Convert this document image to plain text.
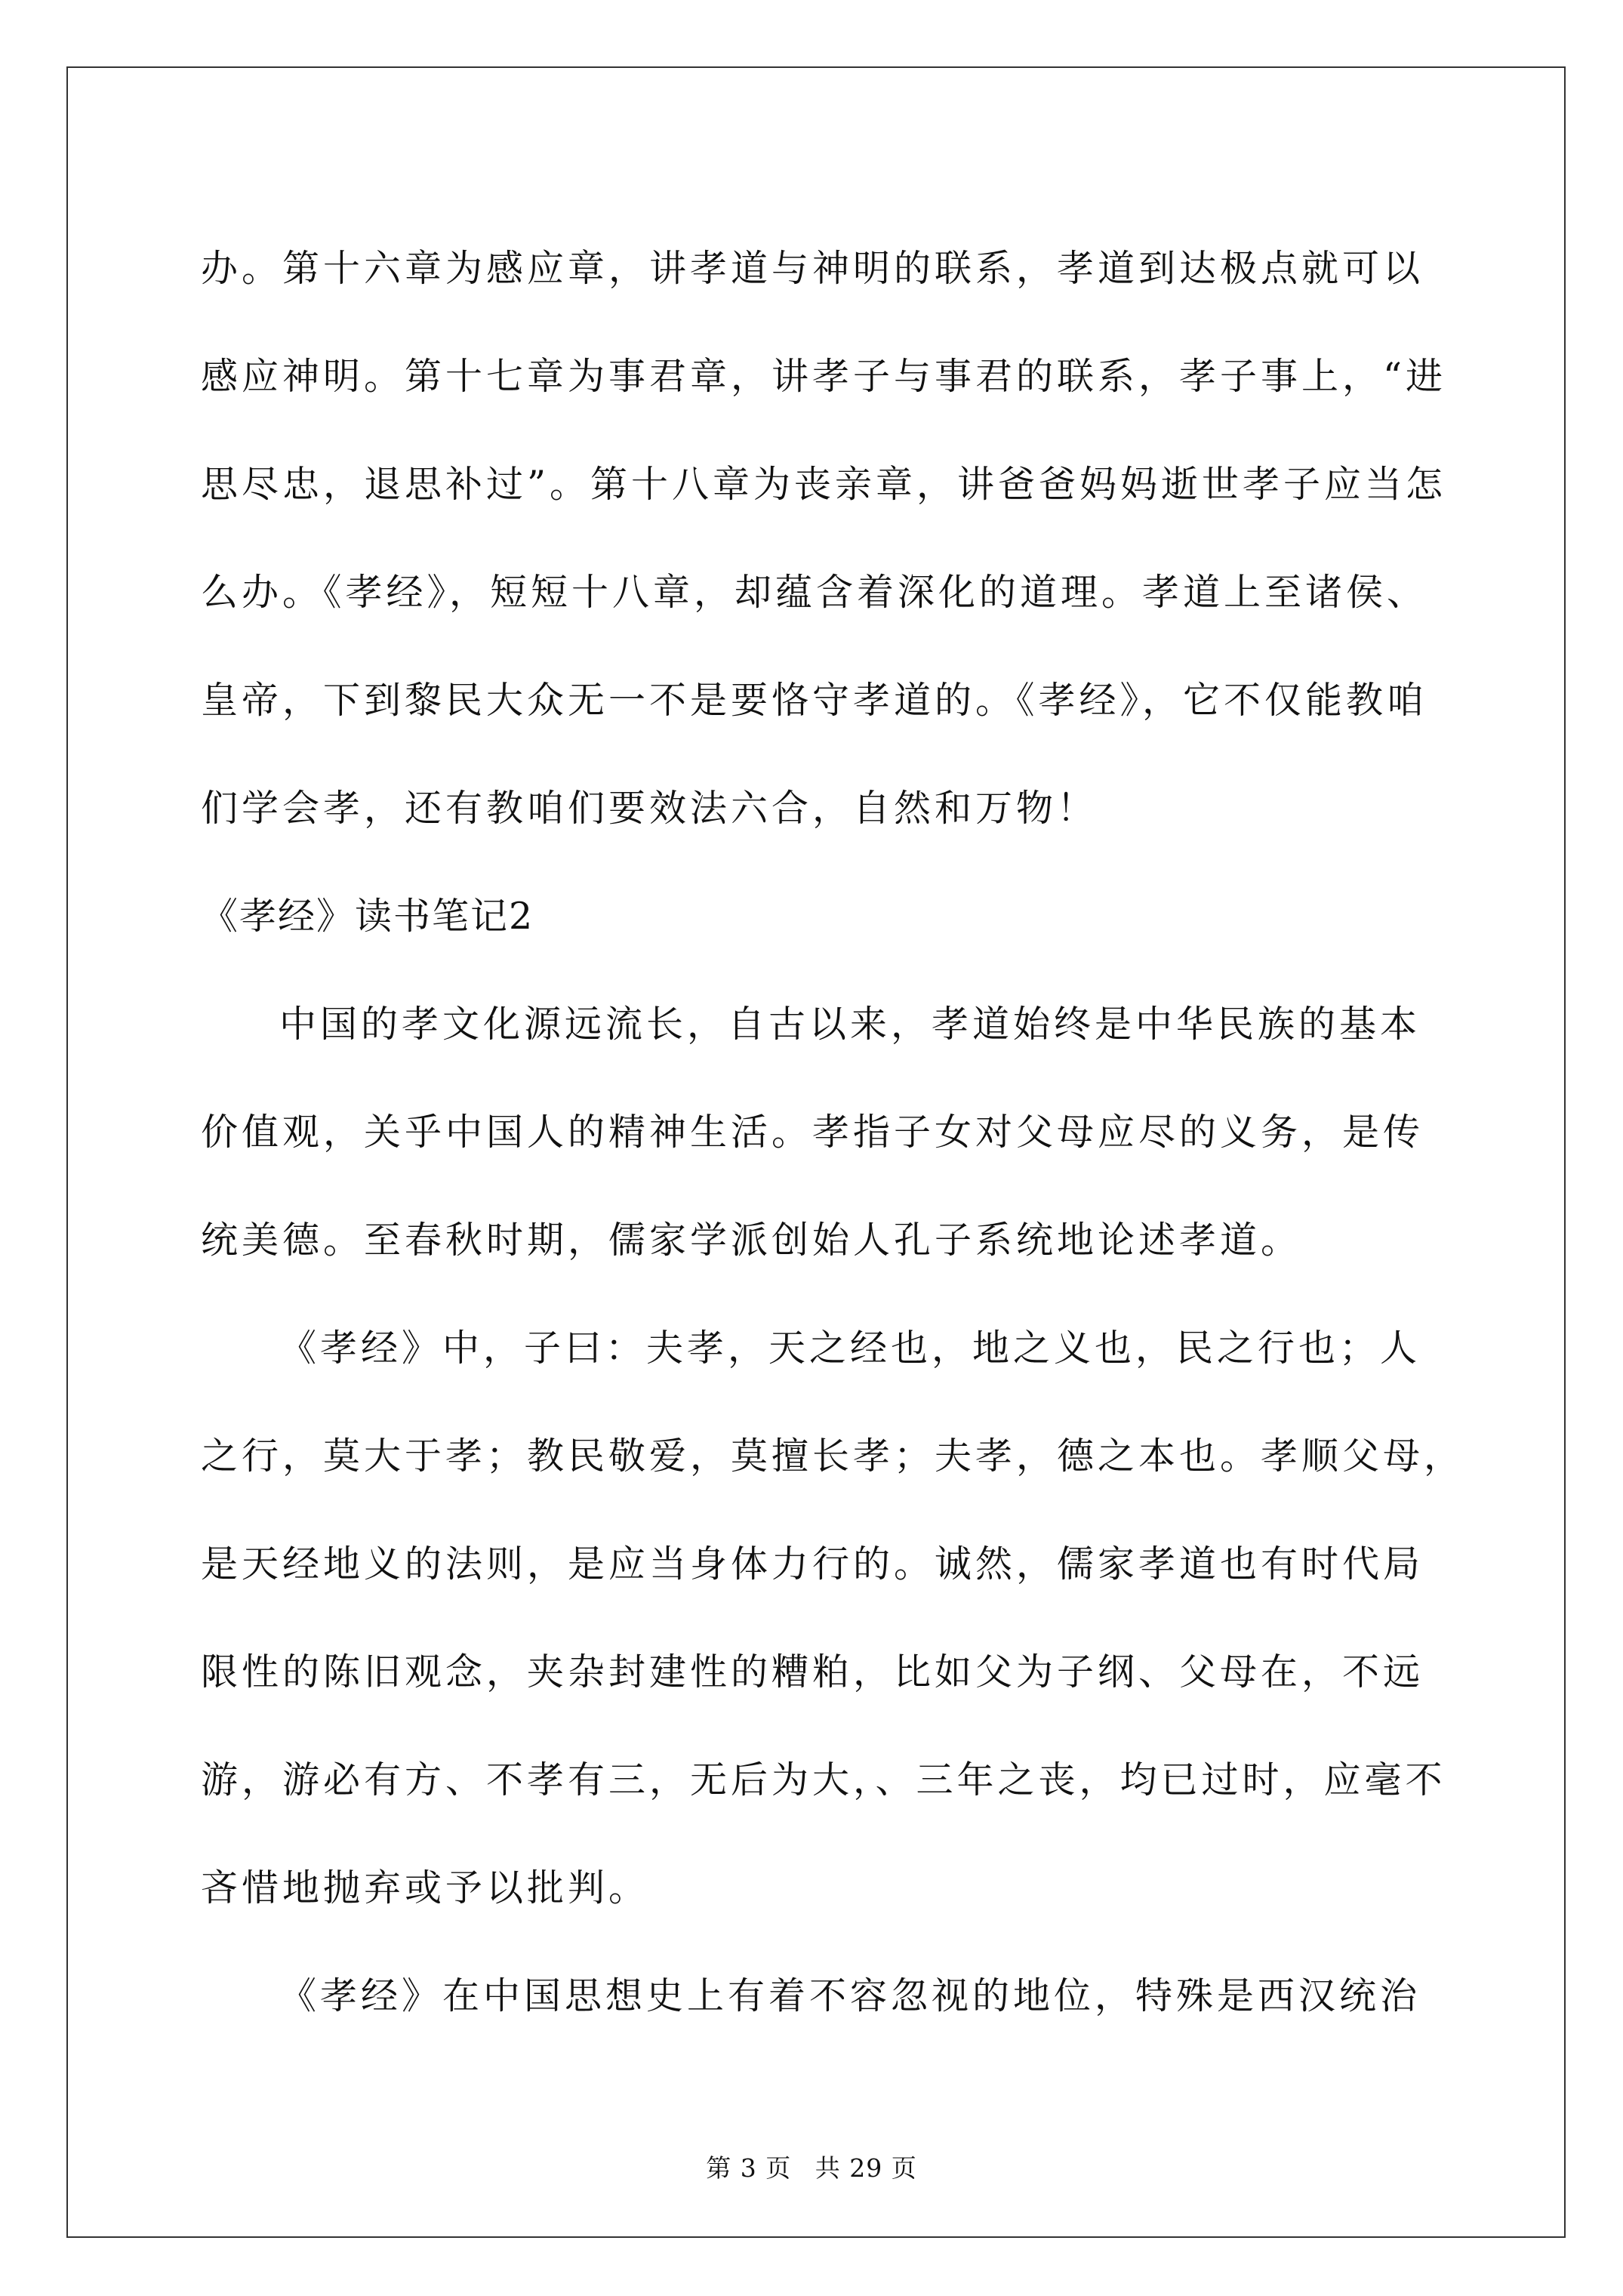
办。第十六章为感应章，讲孝道与神明的联系，孝道到达极点就可以
感应神明。第十七章为事君章，讲孝子与事君的联系，孝子事上，“进
思尽忠，退思补过”。第十八章为丧亲章，讲爸爸妈妈逝世孝子应当怎
么办。《孝经》，短短十八章，却蕴含着深化的道理。孝道上至诸侯、
皇帝，下到黎民大众无一不是要恪守孝道的。《孝经》，它不仅能教咱
们学会孝，还有教咱们要效法六合，自然和万物！
《孝经》读书笔记2
中国的孝文化源远流长，自古以来，孝道始终是中华民族的基本
价值观，关乎中国人的精神生活。孝指子女对父母应尽的义务，是传
统美德。至春秋时期，儒家学派创始人孔子系统地论述孝道。
《孝经》中，子曰：夫孝，天之经也，地之义也，民之行也；人
之行，莫大于孝；教民敬爱，莫擅长孝；夫孝，德之本也。孝顺父母，
是天经地义的法则，是应当身体力行的。诚然，儒家孝道也有时代局
限性的陈旧观念，夹杂封建性的糟粕，比如父为子纲、父母在，不远
游，游必有方、不孝有三，无后为大，、三年之丧，均已过时，应毫不
吝惜地抛弃或予以批判。
《孝经》在中国思想史上有着不容忽视的地位，特殊是西汉统治
第 3 页 共 29 页
